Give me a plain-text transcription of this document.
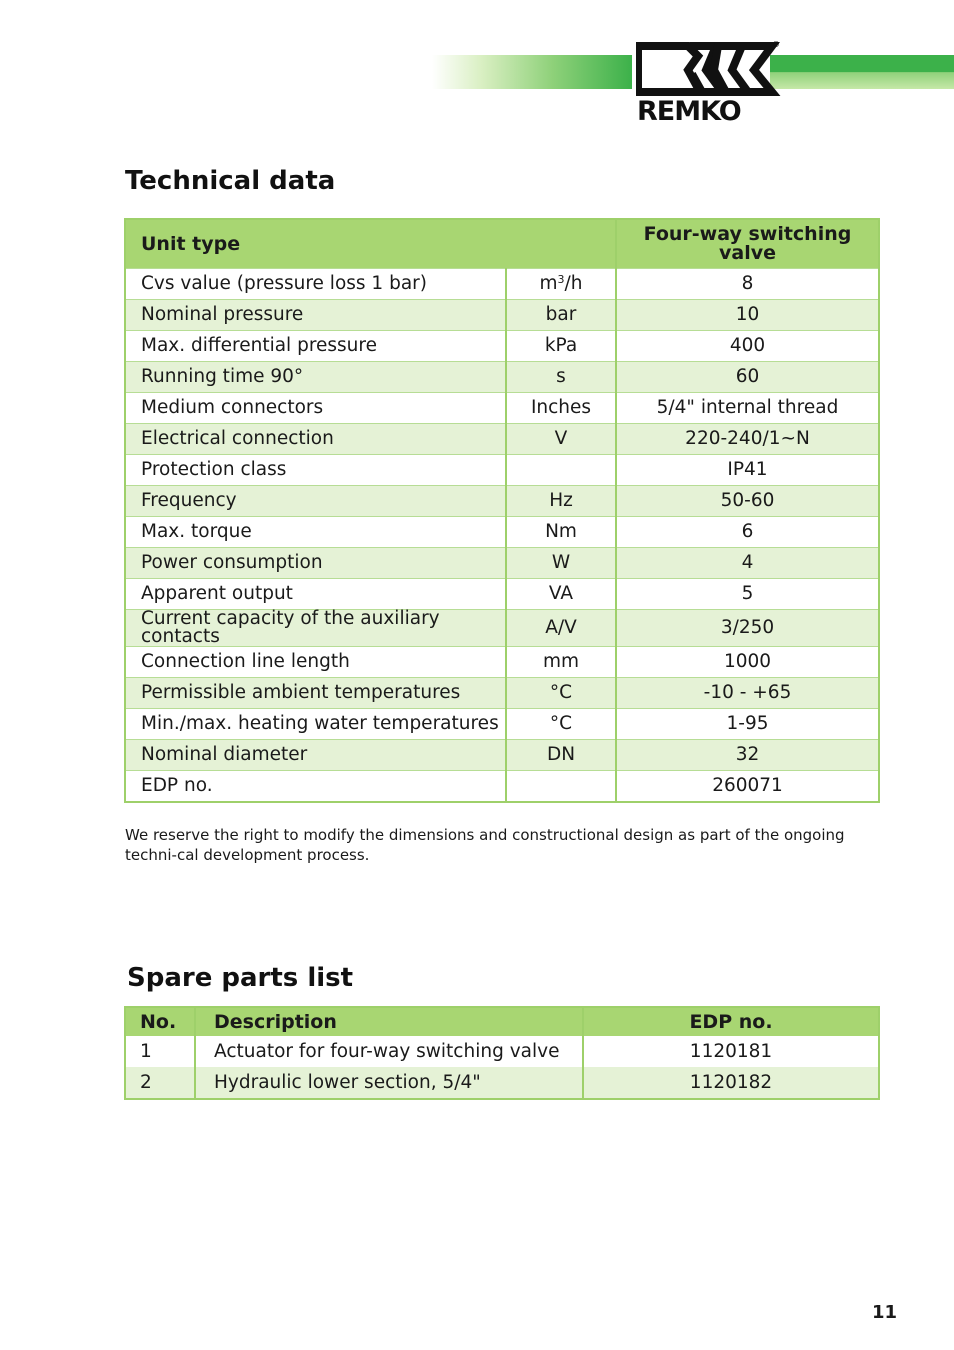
REMKO
®
Technical data
Unit type		Four-way switching valve
Cvs value (pressure loss 1 bar)	$m^3/h$	8
Nominal pressure	bar	10
Max. differential pressure	kPa	400
Running time 90°	s	60
Medium connectors	Inches	5/4" internal thread
Electrical connection	V	220-240/1~N
Protection class		IP41
Frequency	Hz	50-60
Max. torque	Nm	6
Power consumption	W	4
Apparent output	VA	5
Current capacity of the auxiliary contacts	A/V	3/250
Connection line length	mm	1000
Permissible ambient temperatures	°C	-10 - +65
Min./max. heating water temperatures	°C	1-95
Nominal diameter	DN	32
EDP no.		260071
We reserve the right to modify the dimensions and constructional design as part of the ongoing techni-cal development process.
Spare parts list
No.	Description	EDP no.
1	Actuator for four-way switching valve	1120181
2	Hydraulic lower section, 5/4"	1120182
11
